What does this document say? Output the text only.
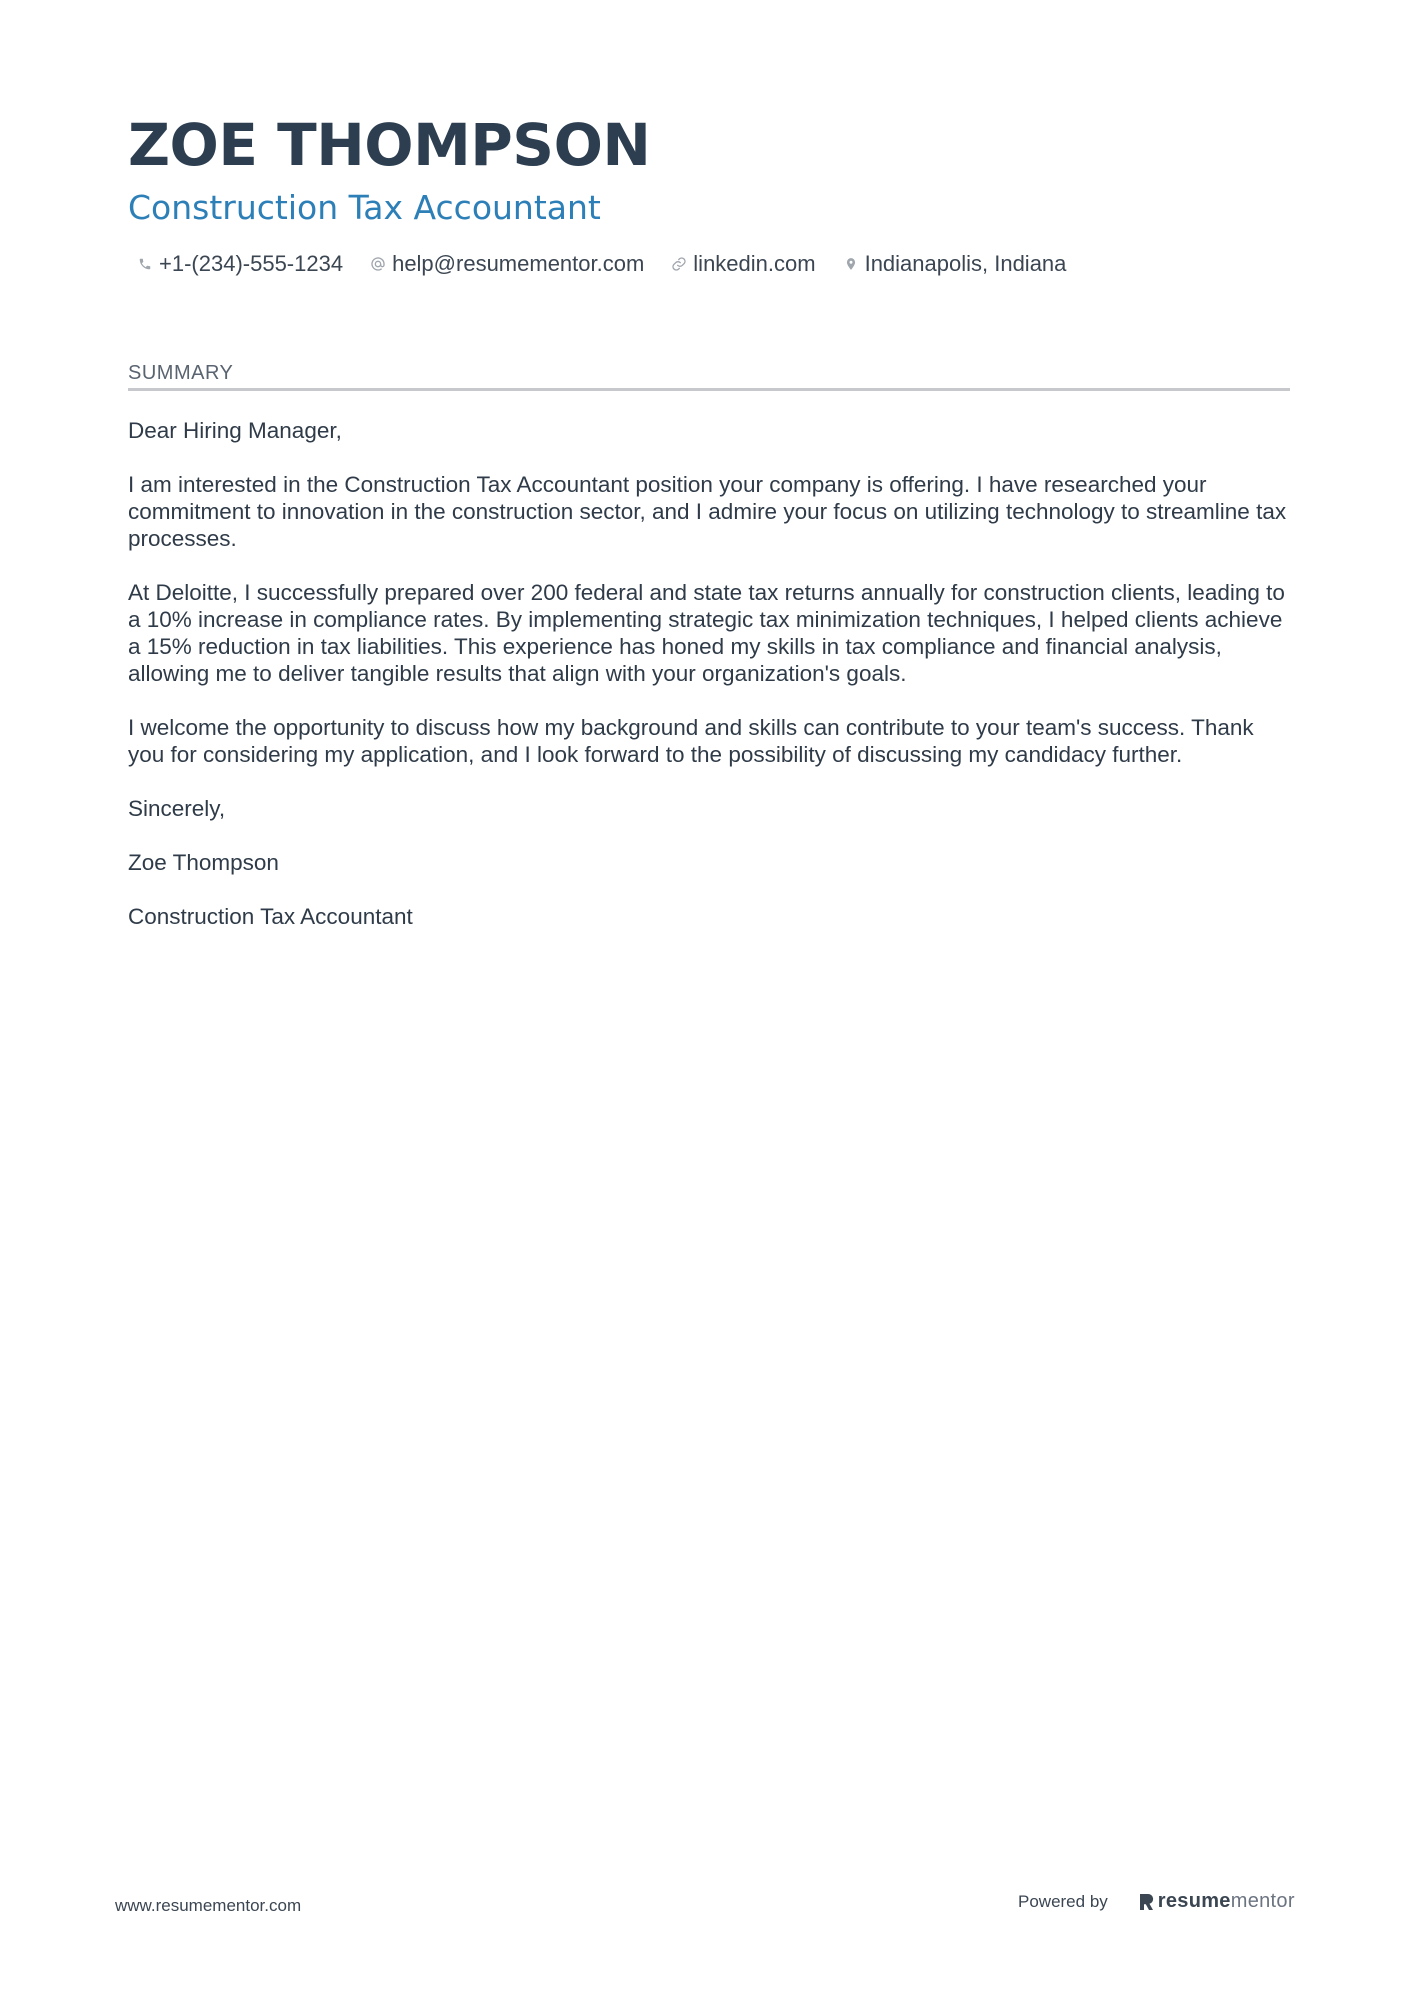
ZOE THOMPSON
Construction Tax Accountant
+1-(234)-555-1234 help@resumementor.com linkedin.com Indianapolis, Indiana
SUMMARY

Dear Hiring Manager,

I am interested in the Construction Tax Accountant position your company is offering. I have researched your commitment to innovation in the construction sector, and I admire your focus on utilizing technology to streamline tax processes.

At Deloitte, I successfully prepared over 200 federal and state tax returns annually for construction clients, leading to a 10% increase in compliance rates. By implementing strategic tax minimization techniques, I helped clients achieve a 15% reduction in tax liabilities. This experience has honed my skills in tax compliance and financial analysis, allowing me to deliver tangible results that align with your organization's goals.

I welcome the opportunity to discuss how my background and skills can contribute to your team's success. Thank you for considering my application, and I look forward to the possibility of discussing my candidacy further.

Sincerely,

Zoe Thompson

Construction Tax Accountant

www.resumementor.com	Powered by	resume mentor
